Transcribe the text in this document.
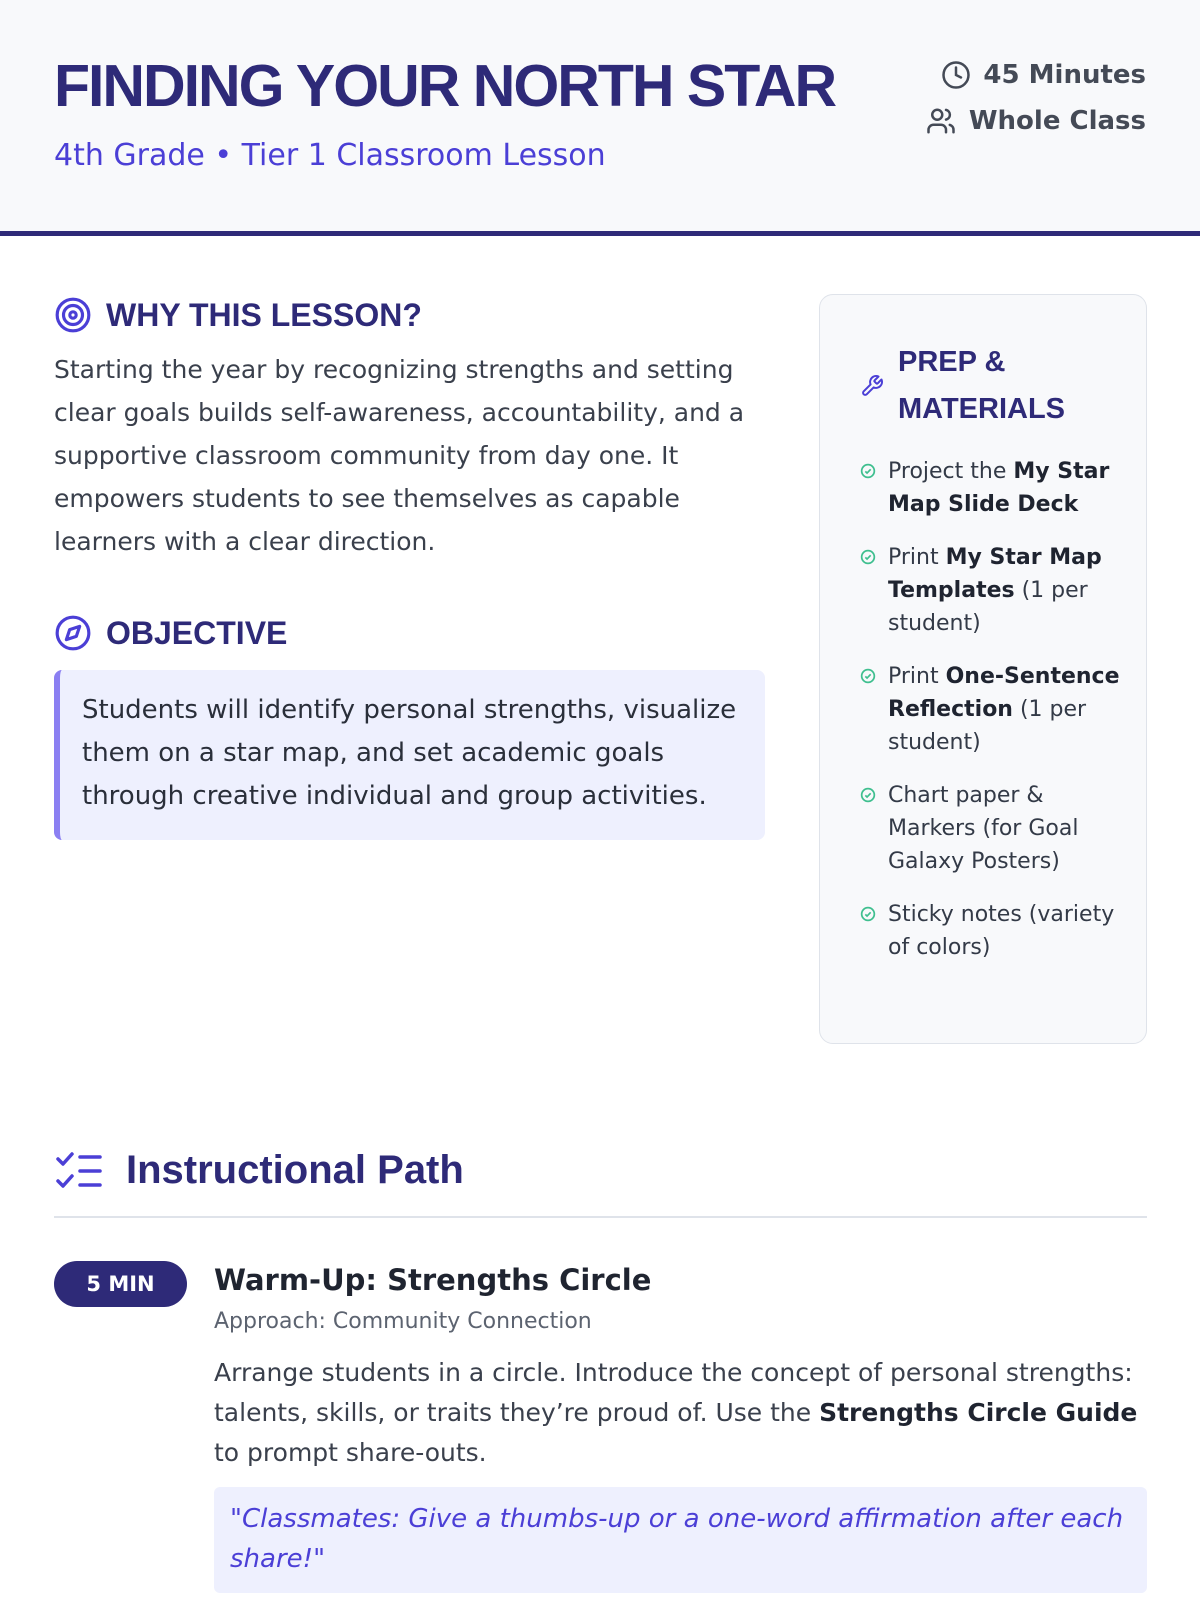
FINDING YOUR NORTH STAR
4th Grade • Tier 1 Classroom Lesson
45 Minutes
Whole Class
WHY THIS LESSON?

Starting the year by recognizing strengths and setting clear goals builds self-awareness, accountability, and a supportive classroom community from day one. It empowers students to see themselves as capable learners with a clear direction.

OBJECTIVE
Students will identify personal strengths, visualize them on a star map, and set academic goals through creative individual and group activities.
PREP & MATERIALS
Project the My Star Map Slide Deck
Print My Star Map Templates (1 per student)
Print One-Sentence Reflection (1 per student)
Chart paper & Markers (for Goal Galaxy Posters)
Sticky notes (variety of colors)
Instructional Path
5 MIN	Warm-Up: Strengths Circle
Approach: Community Connection

Arrange students in a circle. Introduce the concept of personal strengths: talents, skills, or traits they’re proud of. Use the Strengths Circle Guide to prompt share-outs.

"Classmates: Give a thumbs-up or a one-word affirmation after each share!"
